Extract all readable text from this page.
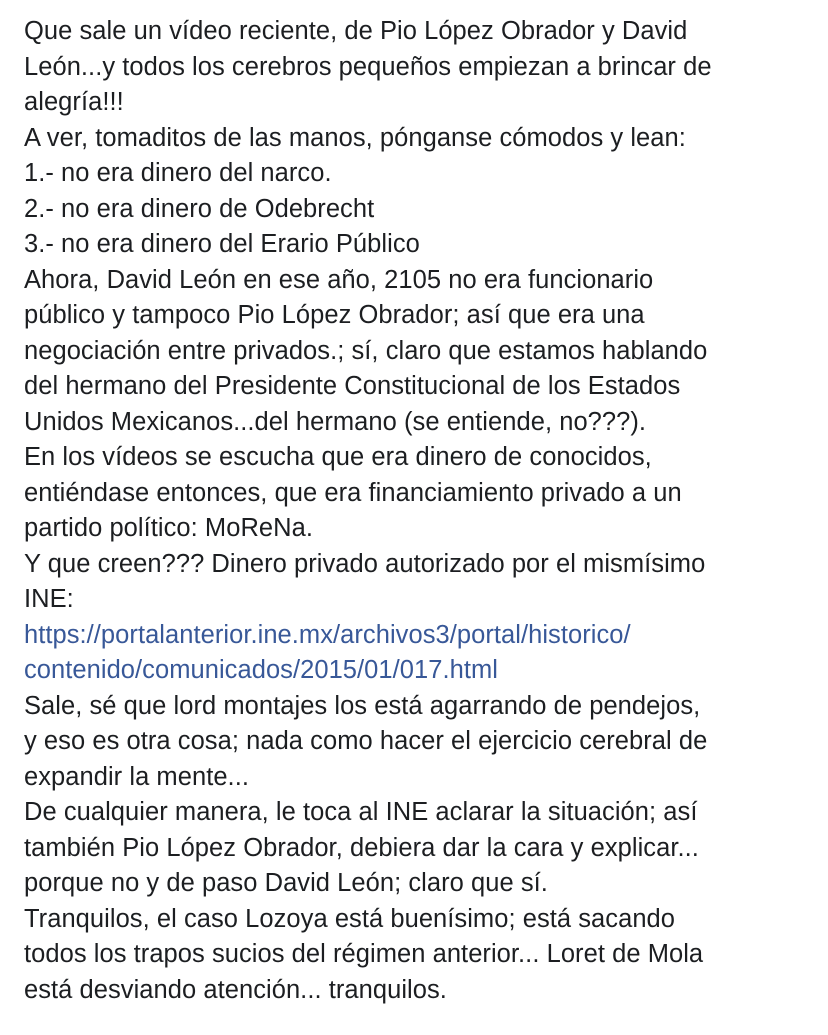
Que sale un vídeo reciente, de Pio López Obrador y David
León...y todos los cerebros pequeños empiezan a brincar de
alegría!!!
A ver, tomaditos de las manos, pónganse cómodos y lean:
1.- no era dinero del narco.
2.- no era dinero de Odebrecht
3.- no era dinero del Erario Público
Ahora, David León en ese año, 2105 no era funcionario
público y tampoco Pio López Obrador; así que era una
negociación entre privados.; sí, claro que estamos hablando
del hermano del Presidente Constitucional de los Estados
Unidos Mexicanos...del hermano (se entiende, no???).
En los vídeos se escucha que era dinero de conocidos,
entiéndase entonces, que era financiamiento privado a un
partido político: MoReNa.
Y que creen??? Dinero privado autorizado por el mismísimo
INE:
https://portalanterior.ine.mx/archivos3/portal/historico/
contenido/comunicados/2015/01/017.html
Sale, sé que lord montajes los está agarrando de pendejos,
y eso es otra cosa; nada como hacer el ejercicio cerebral de
expandir la mente...
De cualquier manera, le toca al INE aclarar la situación; así
también Pio López Obrador, debiera dar la cara y explicar...
porque no y de paso David León; claro que sí.
Tranquilos, el caso Lozoya está buenísimo; está sacando
todos los trapos sucios del régimen anterior... Loret de Mola
está desviando atención... tranquilos.
